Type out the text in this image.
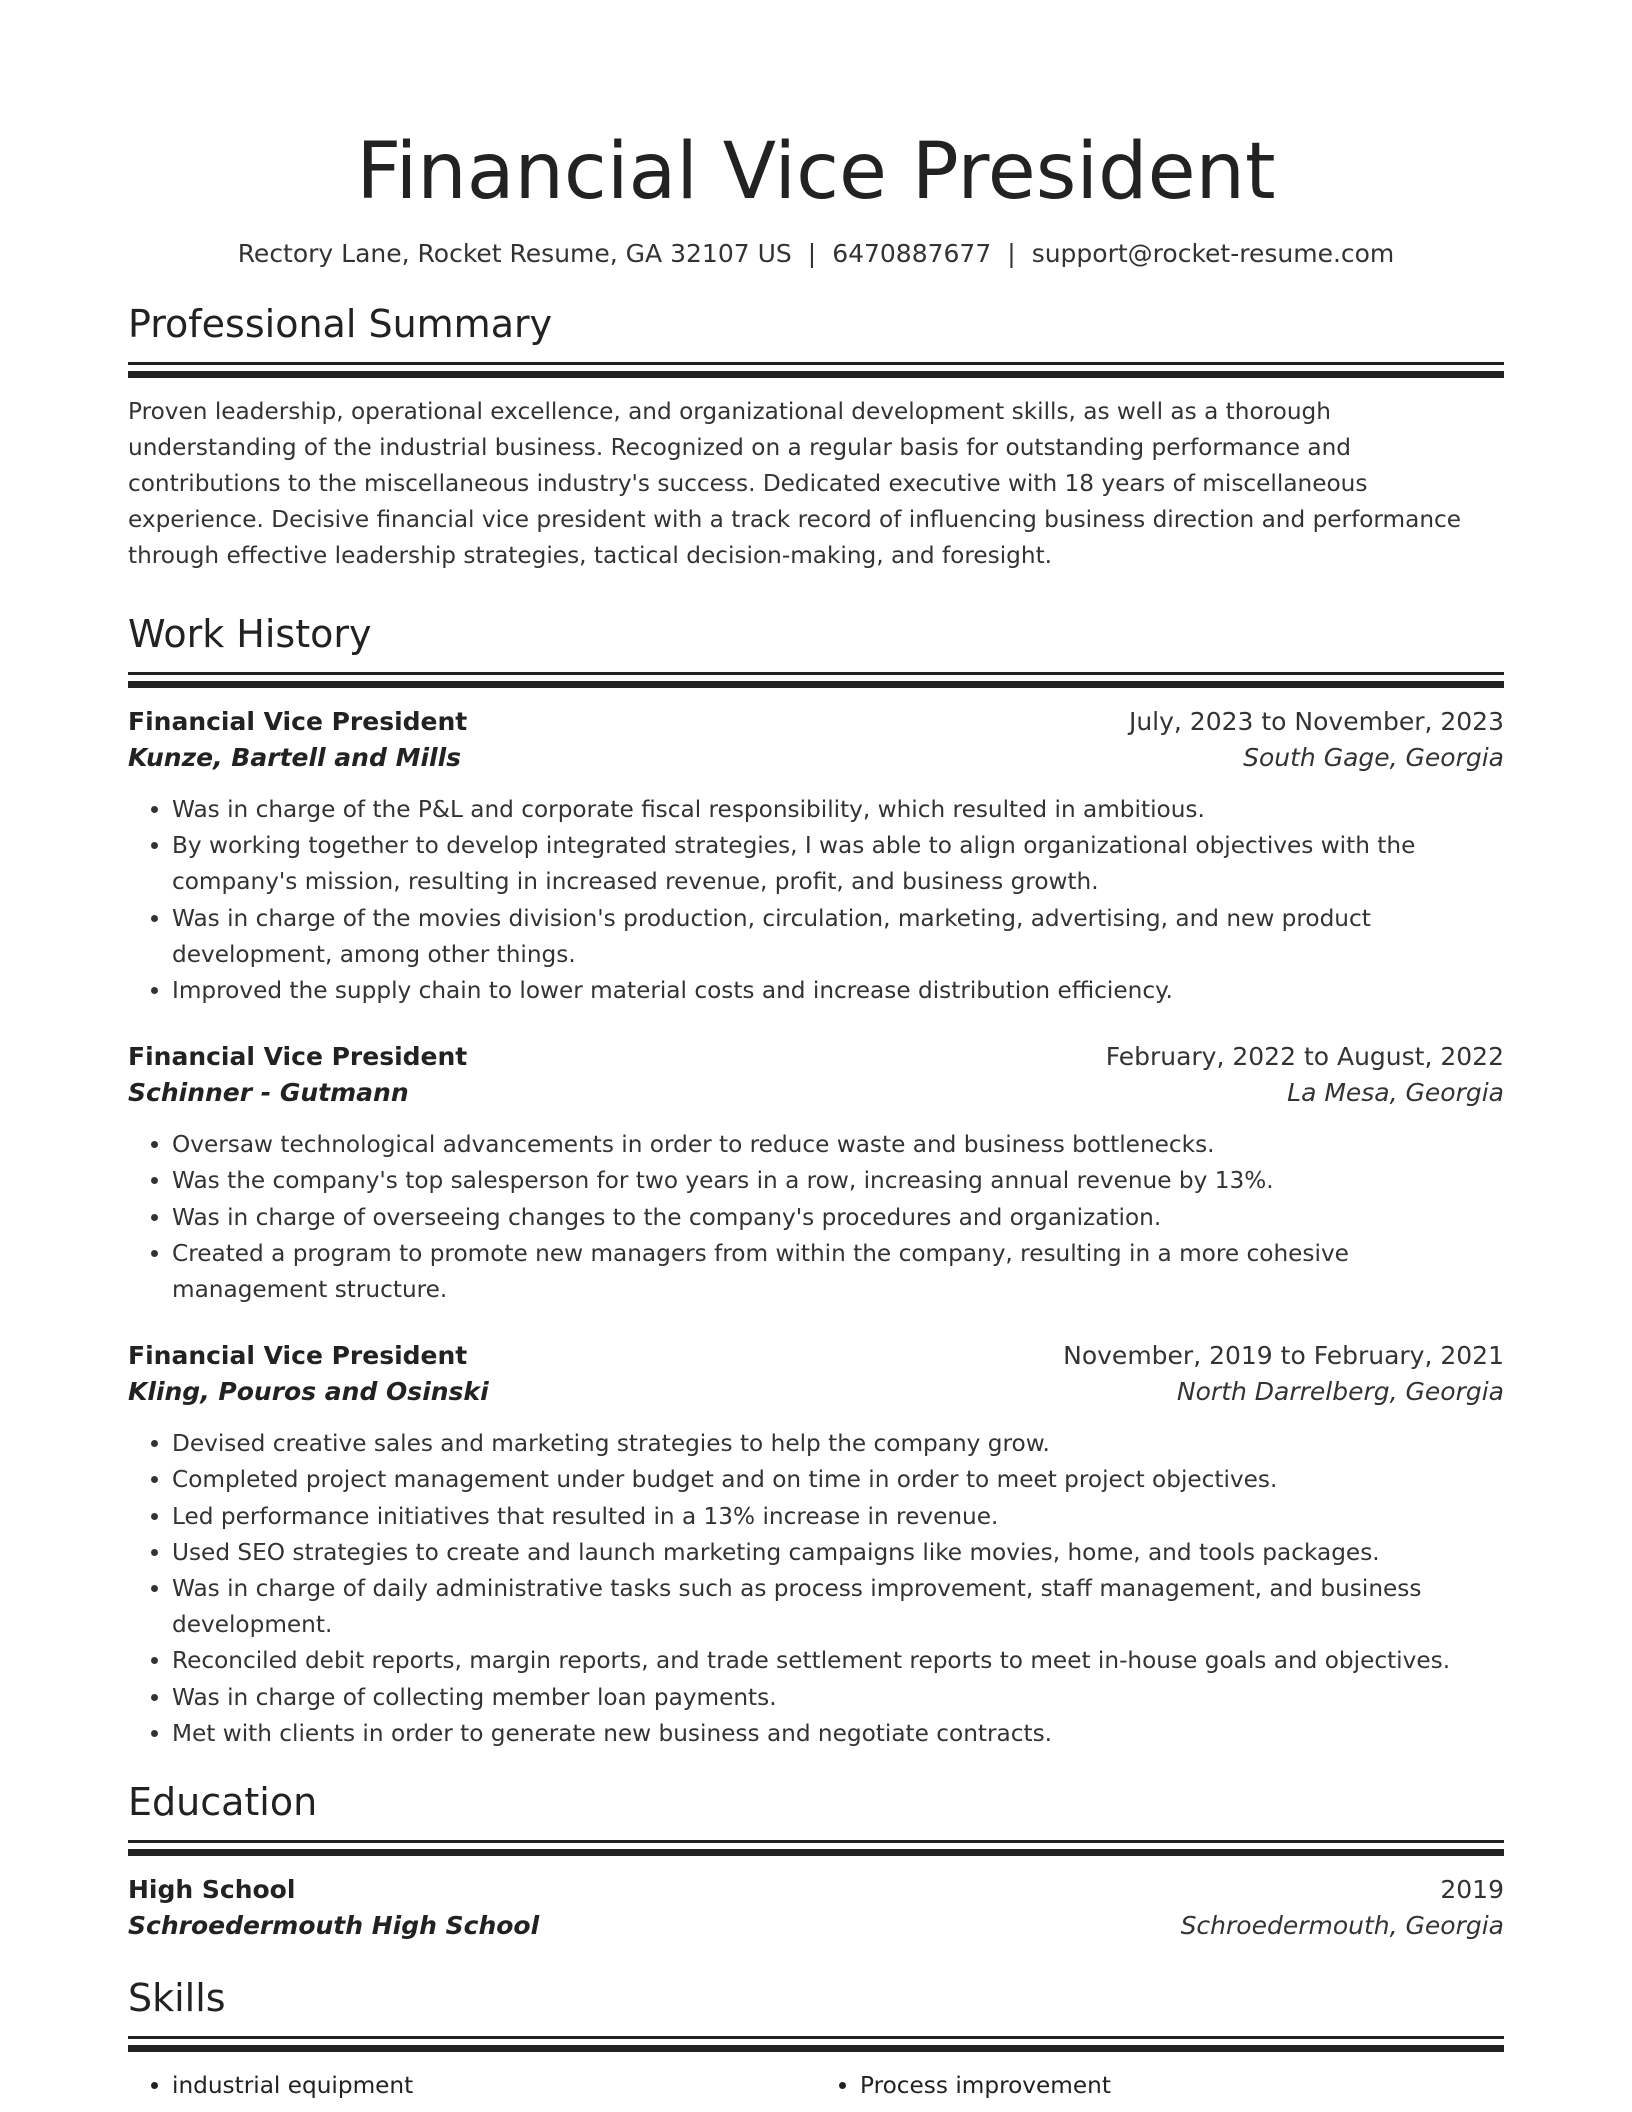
Financial Vice President
Rectory Lane, Rocket Resume, GA 32107 US | 6470887677 | support@rocket-resume.com
Professional Summary

Proven leadership, operational excellence, and organizational development skills, as well as a thorough understanding of the industrial business. Recognized on a regular basis for outstanding performance and contributions to the miscellaneous industry's success. Dedicated executive with 18 years of miscellaneous experience. Decisive financial vice president with a track record of influencing business direction and performance through effective leadership strategies, tactical decision-making, and foresight.

Work History
Financial Vice President	July, 2023 to November, 2023
Kunze, Bartell and Mills	South Gage, Georgia
• Was in charge of the P&L and corporate fiscal responsibility, which resulted in ambitious.
• By working together to develop integrated strategies, I was able to align organizational objectives with the company's mission, resulting in increased revenue, profit, and business growth.
• Was in charge of the movies division's production, circulation, marketing, advertising, and new product development, among other things.
• Improved the supply chain to lower material costs and increase distribution efficiency.
Financial Vice President	February, 2022 to August, 2022
Schinner - Gutmann	La Mesa, Georgia
• Oversaw technological advancements in order to reduce waste and business bottlenecks.
• Was the company's top salesperson for two years in a row, increasing annual revenue by 13%.
• Was in charge of overseeing changes to the company's procedures and organization.
• Created a program to promote new managers from within the company, resulting in a more cohesive management structure.
Financial Vice President	November, 2019 to February, 2021
Kling, Pouros and Osinski	North Darrelberg, Georgia
• Devised creative sales and marketing strategies to help the company grow.
• Completed project management under budget and on time in order to meet project objectives.
• Led performance initiatives that resulted in a 13% increase in revenue.
• Used SEO strategies to create and launch marketing campaigns like movies, home, and tools packages.
• Was in charge of daily administrative tasks such as process improvement, staff management, and business development.
• Reconciled debit reports, margin reports, and trade settlement reports to meet in-house goals and objectives.
• Was in charge of collecting member loan payments.
• Met with clients in order to generate new business and negotiate contracts.
Education
High School	2019
Schroedermouth High School	Schroedermouth, Georgia
Skills
• industrial equipment
•	Process improvement
